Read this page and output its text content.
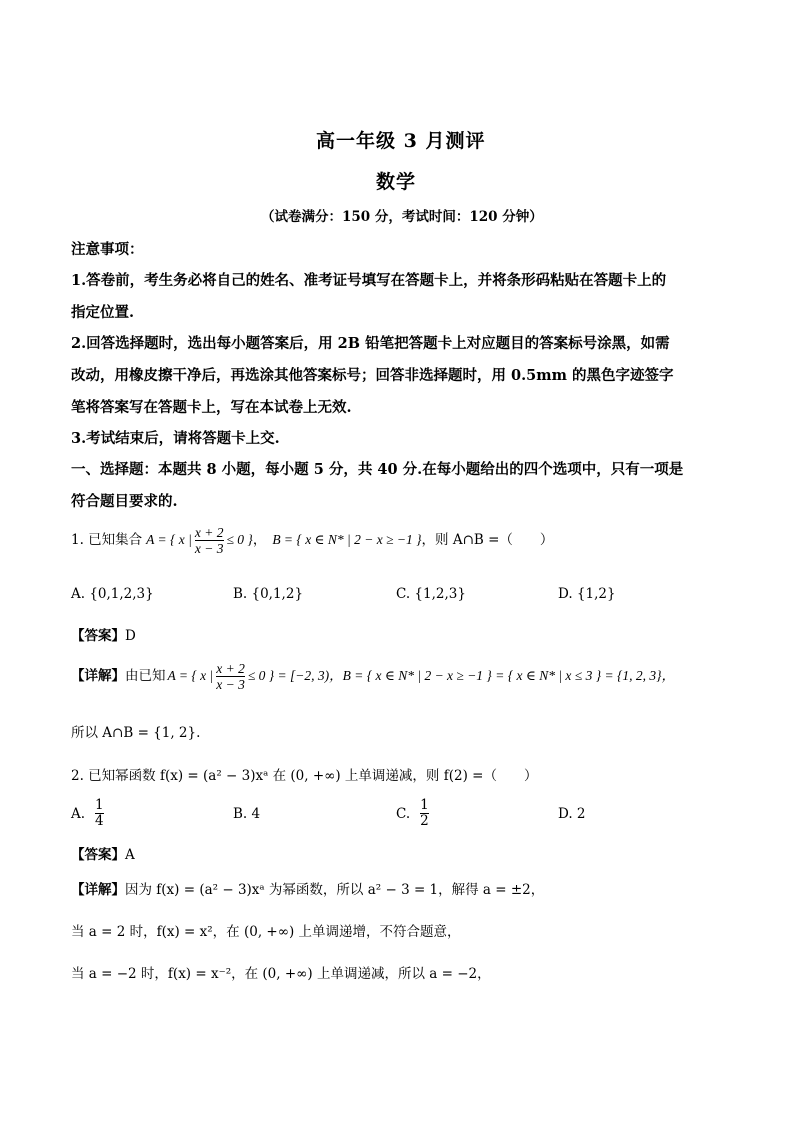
高一年级 3 月测评
数学
（试卷满分：150 分，考试时间：120 分钟）
注意事项：
1.答卷前，考生务必将自己的姓名、准考证号填写在答题卡上，并将条形码粘贴在答题卡上的
指定位置.
2.回答选择题时，选出每小题答案后，用 2B 铅笔把答题卡上对应题目的答案标号涂黑，如需
改动，用橡皮擦干净后，再选涂其他答案标号；回答非选择题时，用 0.5mm 的黑色字迹签字
笔将答案写在答题卡上，写在本试卷上无效.
3.考试结束后，请将答题卡上交.
一、选择题：本题共 8 小题，每小题 5 分，共 40 分.在每小题给出的四个选项中，只有一项是
符合题目要求的.
1. 已知集合 A = { x | $\frac{x + 2}{x - 3} \le 0$ } ， B = { x ∈ N* | 2 − x ≥ −1 } ，则 A∩B =（　　）
A. {0,1,2,3}	B. {0,1,2}	C. {1,2,3}	D. {1,2}
【答案】D
【详解】 由已知 A = { x | $\frac{x + 2}{x - 3} \le 0$ } = [−2, 3) ，B = { x ∈ N* | 2 − x ≥ −1 } = { x ∈ N* | x ≤ 3 } = {1, 2, 3}，
所以 A∩B = {1, 2}.
2. 已知幂函数 f(x) = (a² − 3)xᵃ 在 (0, +∞) 上单调递减，则 f(2) =（　　）
A. $\frac{1}{4}$	B. 4	C. $\frac{1}{2}$	D. 2
【答案】A
【详解】因为 f(x) = (a² − 3)xᵃ 为幂函数，所以 a² − 3 = 1，解得 a = ±2，
当 a = 2 时，f(x) = x²，在 (0, +∞) 上单调递增，不符合题意，
当 a = −2 时，f(x) = x⁻²，在 (0, +∞) 上单调递减，所以 a = −2，
